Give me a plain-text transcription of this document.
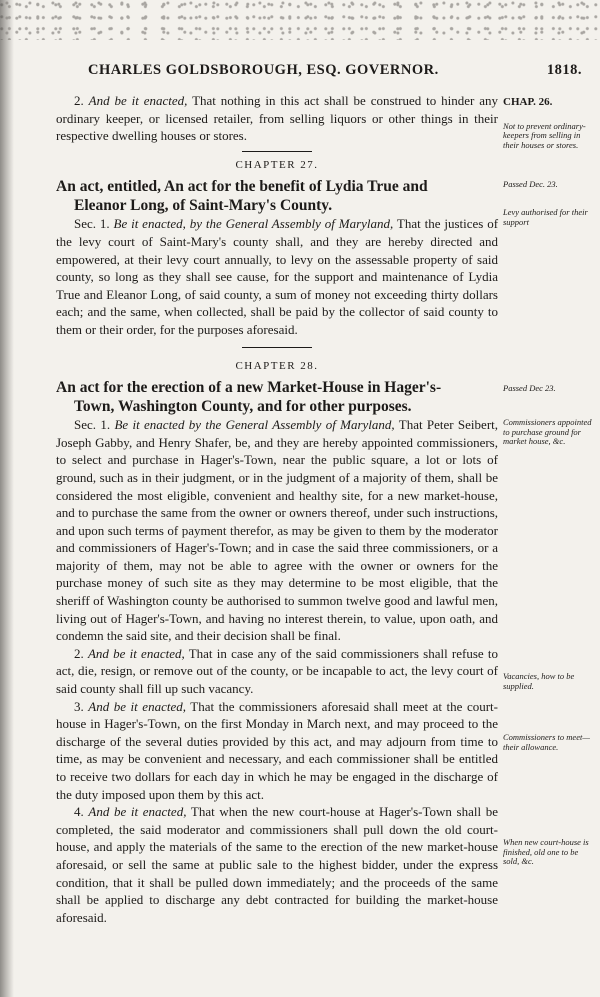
CHARLES GOLDSBOROUGH, ESQ. GOVERNOR.	1818.
CHAP. 26.
Not to prevent ordinary-keepers from selling in their houses or stores.
Passed Dec. 23.
Levy authorised for their support
Passed Dec 23.
Commissioners appointed to purchase ground for market house, &c.
Vacancies, how to be supplied.
Commissioners to meet—their allowance.
When new court-house is finished, old one to be sold, &c.

2. And be it enacted, That nothing in this act shall be construed to hinder any ordinary keeper, or licensed retailer, from selling liquors or other things in their respective dwelling houses or stores.

CHAPTER 27.
An act, entitled, An act for the benefit of Lydia True and
Eleanor Long, of Saint-Mary's County.

Sec. 1. Be it enacted, by the General Assembly of Maryland, That the justices of the levy court of Saint-Mary's county shall, and they are hereby directed and empowered, at their levy court annually, to levy on the assessable property of said county, so long as they shall see cause, for the support and maintenance of Lydia True and Eleanor Long, of said county, a sum of money not exceeding thirty dollars each; and the same, when collected, shall be paid by the collector of said county to them or their order, for the purposes aforesaid.

CHAPTER 28.
An act for the erection of a new Market-House in Hager's-
Town, Washington County, and for other purposes.

Sec. 1. Be it enacted by the General Assembly of Maryland, That Peter Seibert, Joseph Gabby, and Henry Shafer, be, and they are hereby appointed commissioners, to select and purchase in Hager's-Town, near the public square, a lot or lots of ground, such as in their judgment, or in the judgment of a majority of them, shall be considered the most eligible, convenient and healthy site, for a new market-house, and to purchase the same from the owner or owners thereof, under such instructions, and upon such terms of payment therefor, as may be given to them by the moderator and commissioners of Hager's-Town; and in case the said three commissioners, or a majority of them, may not be able to agree with the owner or owners for the purchase money of such site as they may determine to be most eligible, that the sheriff of Washington county be authorised to summon twelve good and lawful men, living out of Hager's-Town, and having no interest therein, to value, upon oath, and condemn the said site, and their decision shall be final.

2. And be it enacted, That in case any of the said commissioners shall refuse to act, die, resign, or remove out of the county, or be incapable to act, the levy court of said county shall fill up such vacancy.

3. And be it enacted, That the commissioners aforesaid shall meet at the court-house in Hager's-Town, on the first Monday in March next, and may proceed to the discharge of the several duties provided by this act, and may adjourn from time to time, as may be convenient and necessary, and each commissioner shall be entitled to receive two dollars for each day in which he may be engaged in the discharge of the duty imposed upon them by this act.

4. And be it enacted, That when the new court-house at Hager's-Town shall be completed, the said moderator and commissioners shall pull down the old court-house, and apply the materials of the same to the erection of the new market-house aforesaid, or sell the same at public sale to the highest bidder, under the express condition, that it shall be pulled down immediately; and the proceeds of the same shall be applied to discharge any debt contracted for building the market-house aforesaid.
